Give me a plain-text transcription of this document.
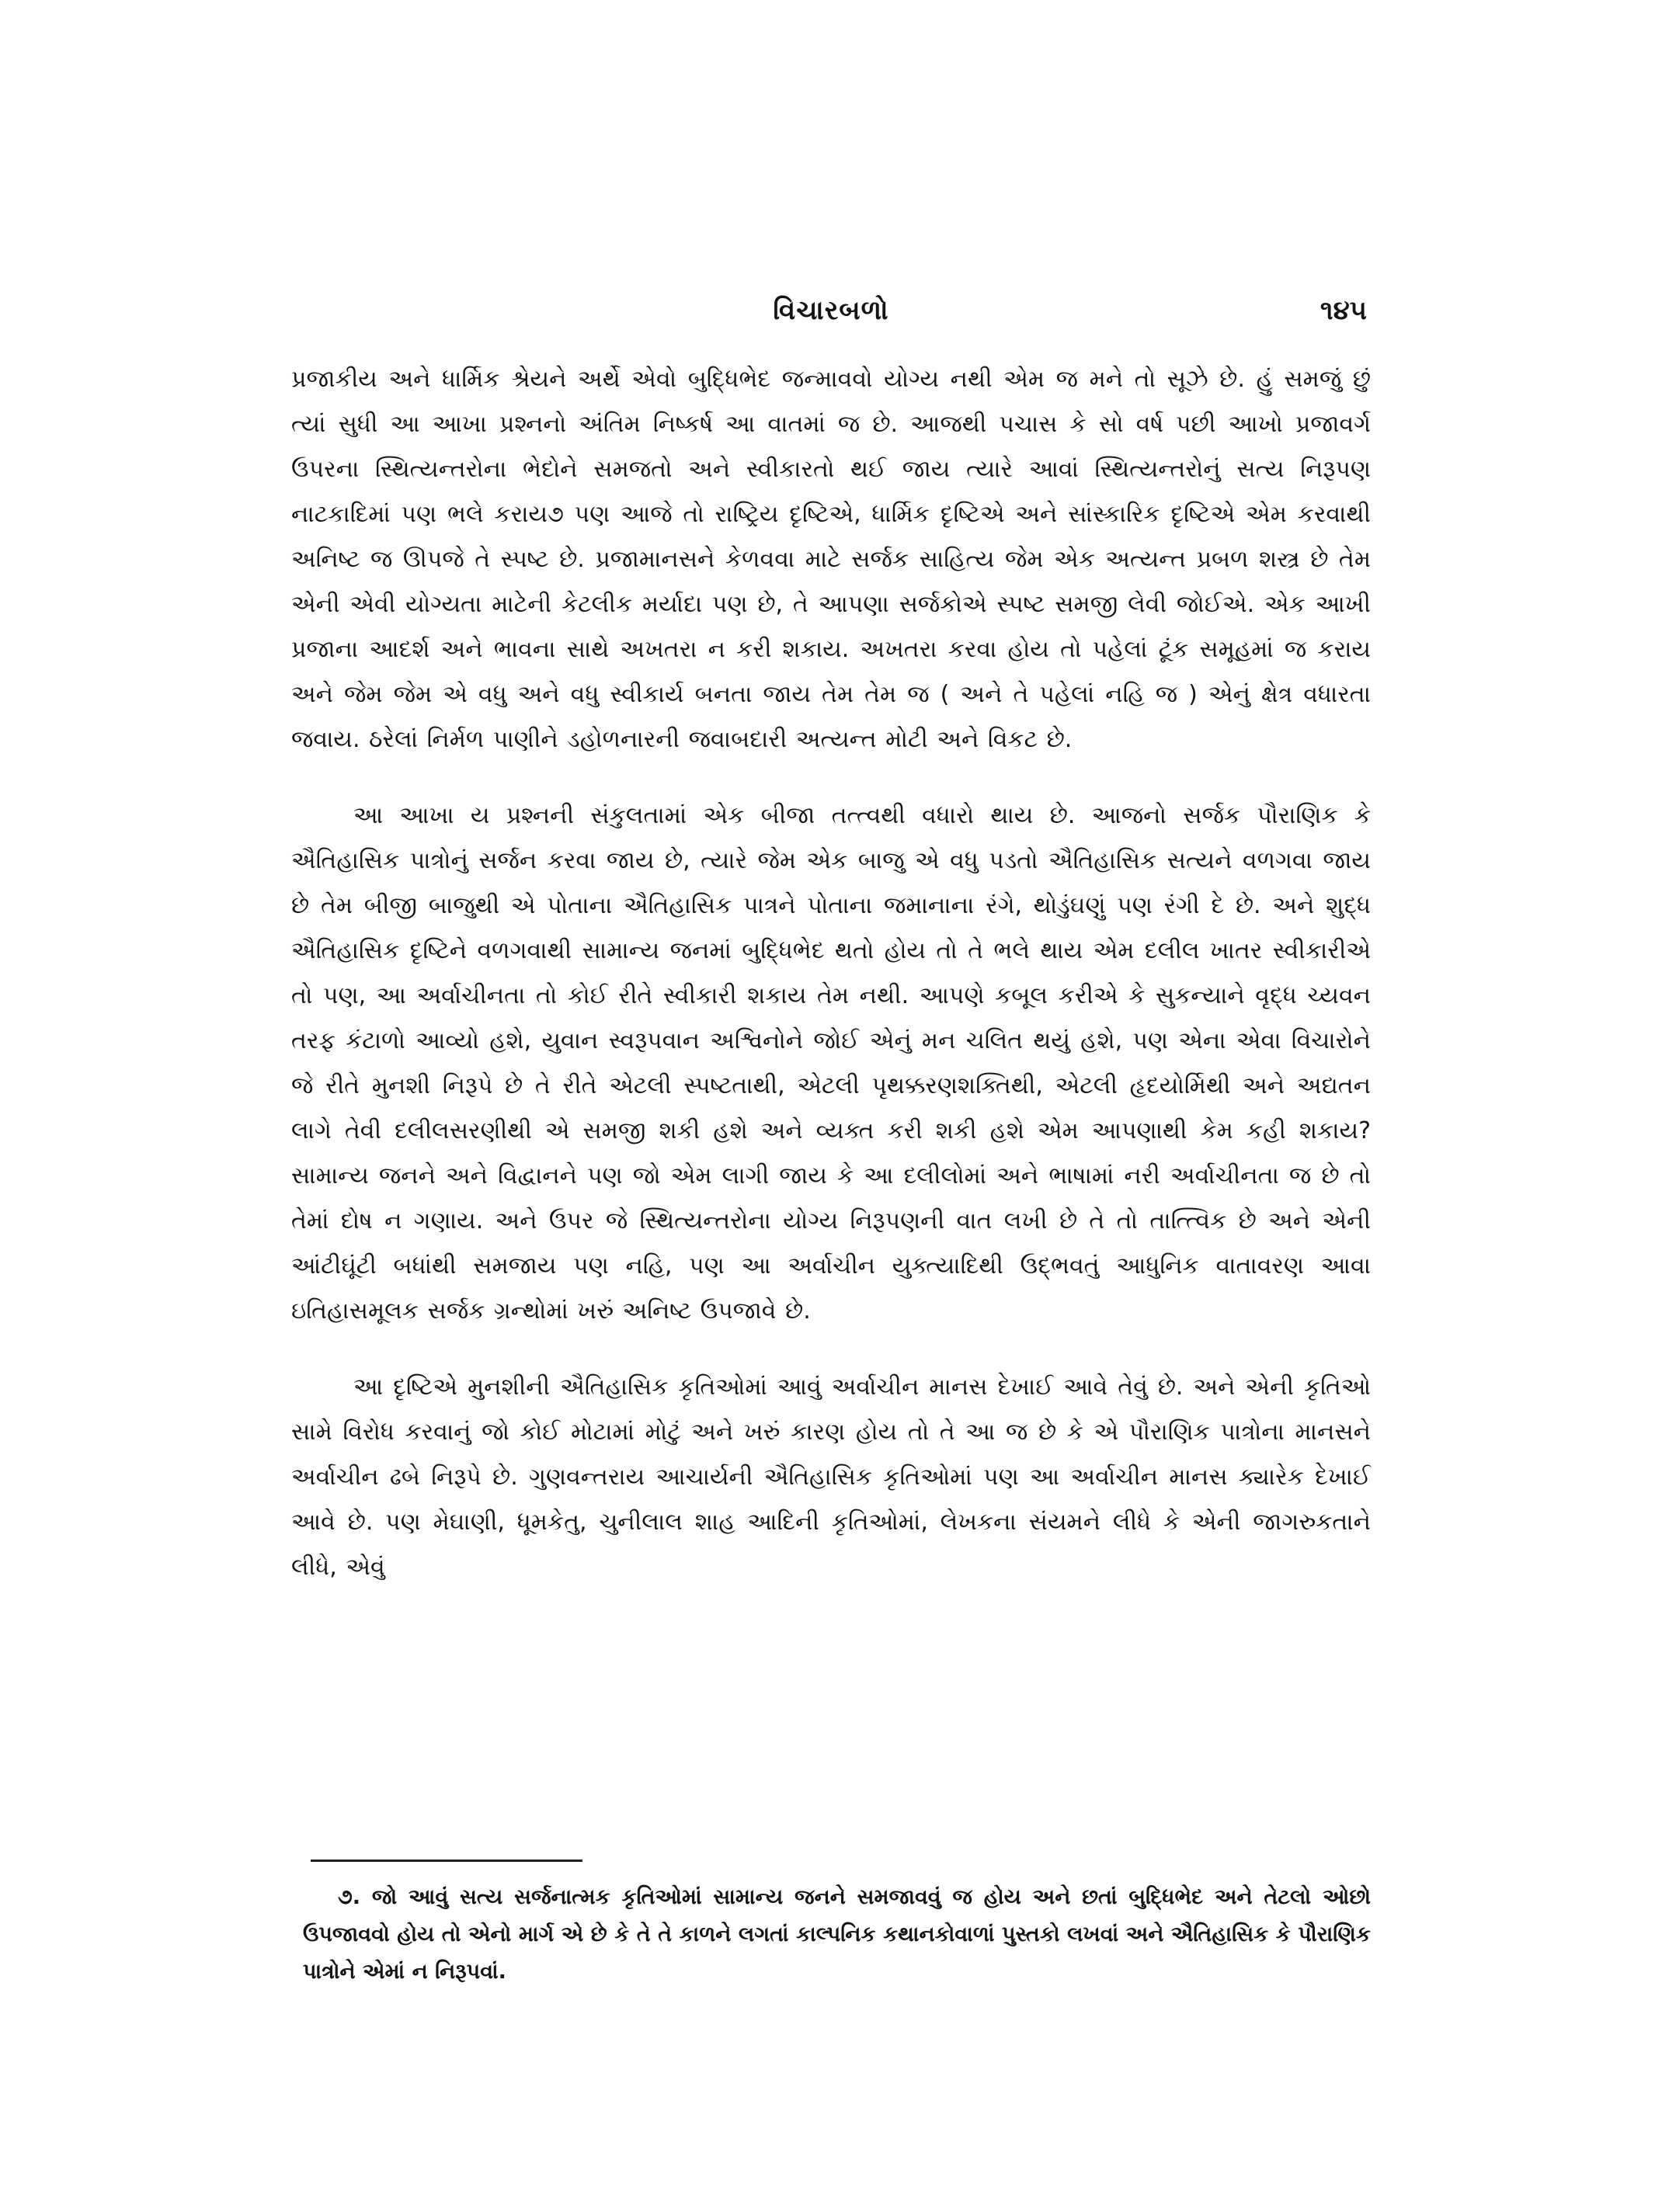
વિચારબળો	૧૪૫

પ્રજાકીય અને ધાર્મિક શ્રેયને અર્થે એવો બુદ્ધિભેદ જન્માવવો યોગ્ય નથી એમ જ મને તો સૂઝે છે. હું સમજું છું ત્યાં સુધી આ આખા પ્રશ્નનો અંતિમ નિષ્કર્ષ આ વાતમાં જ છે. આજથી પચાસ કે સો વર્ષ પછી આખો પ્રજાવર્ગ ઉપરના સ્થિત્યન્તરોના ભેદોને સમજતો અને સ્વીકારતો થઈ જાય ત્યારે આવાં સ્થિત્યન્તરોનું સત્ય નિરૂપણ નાટકાદિમાં પણ ભલે કરાય૭ પણ આજે તો રાષ્ટ્રિય દૃષ્ટિએ, ધાર્મિક દૃષ્ટિએ અને સાંસ્કારિક દૃષ્ટિએ એમ કરવાથી અનિષ્ટ જ ઊપજે તે સ્પષ્ટ છે. પ્રજામાનસને કેળવવા માટે સર્જક સાહિત્ય જેમ એક અત્યન્ત પ્રબળ શસ્ત્ર છે તેમ એની એવી યોગ્યતા માટેની કેટલીક મર્યાદા પણ છે, તે આપણા સર્જકોએ સ્પષ્ટ સમજી લેવી જોઈએ. એક આખી પ્રજાના આદર્શ અને ભાવના સાથે અખતરા ન કરી શકાય. અખતરા કરવા હોય તો પહેલાં ટૂંક સમૂહમાં જ કરાય અને જેમ જેમ એ વધુ અને વધુ સ્વીકાર્ય બનતા જાય તેમ તેમ જ ( અને તે પહેલાં નહિ જ ) એનું ક્ષેત્ર વધારતા જવાય. ઠરેલાં નિર્મળ પાણીને ડહોળનારની જવાબદારી અત્યન્ત મોટી અને વિકટ છે.

આ આખા ય પ્રશ્નની સંકુલતામાં એક બીજા તત્ત્વથી વધારો થાય છે. આજનો સર્જક પૌરાણિક કે ઐતિહાસિક પાત્રોનું સર્જન કરવા જાય છે, ત્યારે જેમ એક બાજુ એ વધુ પડતો ઐતિહાસિક સત્યને વળગવા જાય છે તેમ બીજી બાજુથી એ પોતાના ઐતિહાસિક પાત્રને પોતાના જમાનાના રંગે, થોડુંઘણું પણ રંગી દે છે. અને શુદ્ધ ઐતિહાસિક દૃષ્ટિને વળગવાથી સામાન્ય જનમાં બુદ્ધિભેદ થતો હોય તો તે ભલે થાય એમ દલીલ ખાતર સ્વીકારીએ તો પણ, આ અર્વાચીનતા તો કોઈ રીતે સ્વીકારી શકાય તેમ નથી. આપણે કબૂલ કરીએ કે સુકન્યાને વૃદ્ધ ચ્યવન તરફ કંટાળો આવ્યો હશે, યુવાન સ્વરૂપવાન અશ્વિનોને જોઈ એનું મન ચલિત થયું હશે, પણ એના એવા વિચારોને જે રીતે મુનશી નિરૂપે છે તે રીતે એટલી સ્પષ્ટતાથી, એટલી પૃથક્કરણશક્તિથી, એટલી હૃદયોર્મિથી અને અદ્યતન લાગે તેવી દલીલસરણીથી એ સમજી શકી હશે અને વ્યક્ત કરી શકી હશે એમ આપણાથી કેમ કહી શકાય? સામાન્ય જનને અને વિદ્વાનને પણ જો એમ લાગી જાય કે આ દલીલોમાં અને ભાષામાં નરી અર્વાચીનતા જ છે તો તેમાં દોષ ન ગણાય. અને ઉપર જે સ્થિત્યન્તરોના યોગ્ય નિરૂપણની વાત લખી છે તે તો તાત્ત્વિક છે અને એની આંટીઘૂંટી બધાંથી સમજાય પણ નહિ, પણ આ અર્વાચીન યુક્ત્યાદિથી ઉદ્ભવતું આધુનિક વાતાવરણ આવા ઇતિહાસમૂલક સર્જક ગ્રન્થોમાં ખરું અનિષ્ટ ઉપજાવે છે.

આ દૃષ્ટિએ મુનશીની ઐતિહાસિક કૃતિઓમાં આવું અર્વાચીન માનસ દેખાઈ આવે તેવું છે. અને એની કૃતિઓ સામે વિરોધ કરવાનું જો કોઈ મોટામાં મોટું અને ખરું કારણ હોય તો તે આ જ છે કે એ પૌરાણિક પાત્રોના માનસને અર્વાચીન ઢબે નિરૂપે છે. ગુણવન્તરાય આચાર્યની ઐતિહાસિક કૃતિઓમાં પણ આ અર્વાચીન માનસ ક્યારેક દેખાઈ આવે છે. પણ મેઘાણી, ધૂમકેતુ, ચુનીલાલ શાહ આદિની કૃતિઓમાં, લેખકના સંયમને લીધે કે એની જાગરુકતાને લીધે, એવું

૭. જો આવું સત્ય સર્જનાત્મક કૃતિઓમાં સામાન્ય જનને સમજાવવું જ હોય અને છતાં બુદ્ધિભેદ અને તેટલો ઓછો ઉપજાવવો હોય તો એનો માર્ગ એ છે કે તે તે કાળને લગતાં કાલ્પનિક કથાનકોવાળાં પુસ્તકો લખવાં અને ઐતિહાસિક કે પૌરાણિક પાત્રોને એમાં ન નિરૂપવાં.
